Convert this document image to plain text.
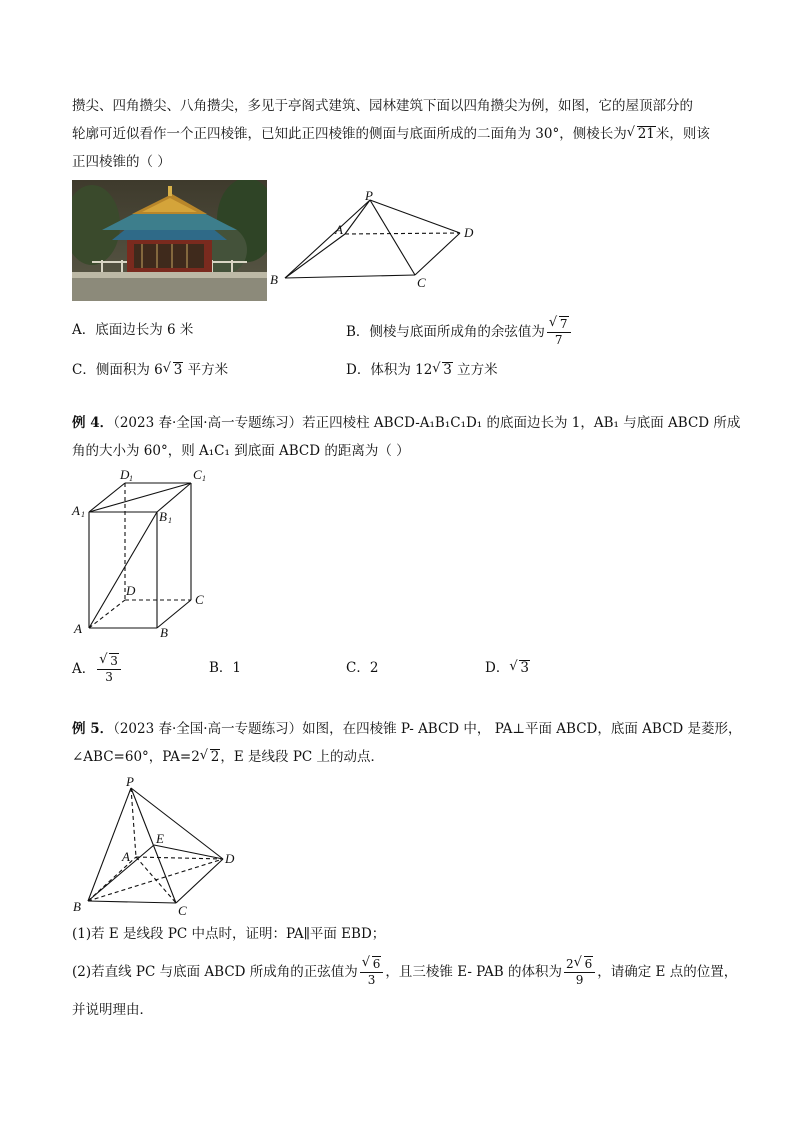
攒尖、四角攒尖、八角攒尖，多见于亭阁式建筑、园林建筑下面以四角攒尖为例，如图，它的屋顶部分的
轮廓可近似看作一个正四棱锥，已知此正四棱锥的侧面与底面所成的二面角为 30°，侧棱长为 √ 21米，则该
正四棱锥的（ ）
P
A
B	C
D
A．底面边长为 6 米	B．侧棱与底面所成角的余弦值为 √ $\frac{7}{7}$
C．侧面积为 6 √ 3 平方米	D．体积为 12 √ 3 立方米
例 4．（2023 春·全国·高一专题练习）若正四棱柱 ABCD-A₁B₁C₁D₁ 的底面边长为 1，AB₁ 与底面 ABCD 所成
角的大小为 60°，则 A₁C₁ 到底面 ABCD 的距离为（ ）
D 1	C 1
A 1	B 1
D
C
A	B
A． √ $\frac{3}{3}$	B．1	C．2	D． √ 3
例 5．（2023 春·全国·高一专题练习）如图，在四棱锥 P- ABCD 中， PA⊥平面 ABCD，底面 ABCD 是菱形，
∠ABC=60°，PA=2 √ 2，E 是线段 PC 上的动点．
P
E
A	D
B	C
(1)若 E 是线段 PC 中点时，证明：PA∥平面 EBD；
(2)若直线 PC 与底面 ABCD 所成角的正弦值为 √ $\frac{6}{3}$ ，且三棱锥 E- PAB 的体积为 $\frac{2 √ 6}{9}$ ，请确定 E 点的位置，
并说明理由．
